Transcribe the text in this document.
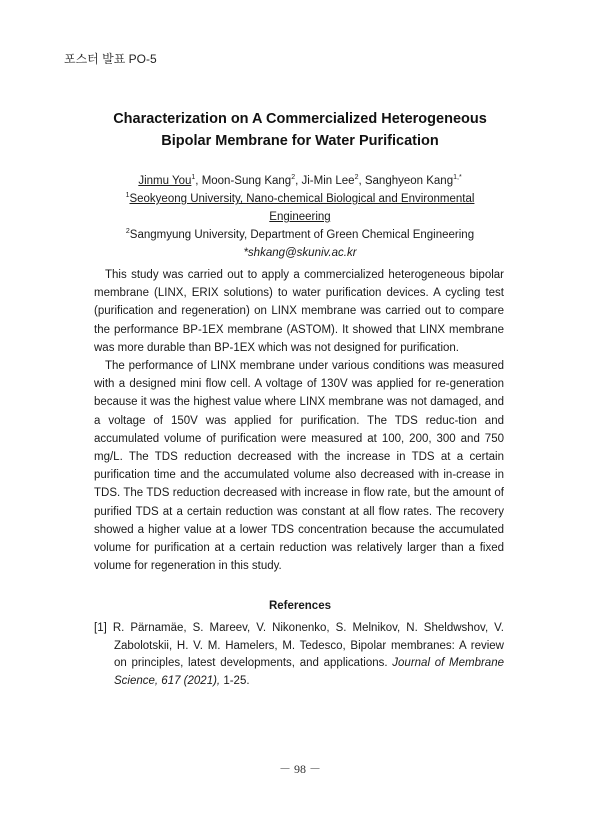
포스터 발표 PO-5
Characterization on A Commercialized Heterogeneous
Bipolar Membrane for Water Purification
Jinmu You$^1$, Moon-Sung Kang$^2$, Ji-Min Lee$^2$, Sanghyeon Kang$^{1,*}$
$^1$Seokyeong University, Nano-chemical Biological and Environmental
Engineering
$^2$Sangmyung University, Department of Green Chemical Engineering
*shkang@skuniv.ac.kr

This study was carried out to apply a commercialized heterogeneous bipolar membrane (LINX, ERIX solutions) to water purification devices. A cycling test (purification and regeneration) on LINX membrane was carried out to compare the performance BP-1EX membrane (ASTOM). It showed that LINX membrane was more durable than BP-1EX which was not designed for purification.

The performance of LINX membrane under various conditions was measured with a designed mini flow cell. A voltage of 130V was applied for re-generation because it was the highest value where LINX membrane was not damaged, and a voltage of 150V was applied for purification. The TDS reduc-tion and accumulated volume of purification were measured at 100, 200, 300 and 750 mg/L. The TDS reduction decreased with the increase in TDS at a certain purification time and the accumulated volume also decreased with in-crease in TDS. The TDS reduction decreased with increase in flow rate, but the amount of purified TDS at a certain reduction was constant at all flow rates. The recovery showed a higher value at a lower TDS concentration because the accumulated volume for purification at a certain reduction was relatively larger than a fixed volume for regeneration in this study.

References
[1] R. Pärnamäe, S. Mareev, V. Nikonenko, S. Melnikov, N. Sheldwshov, V. Zabolotskii, H. V. M. Hamelers, M. Tedesco, Bipolar membranes: A review on principles, latest developments, and applications. Journal of Membrane Science, 617 (2021), 1-25.
－ 98 －
